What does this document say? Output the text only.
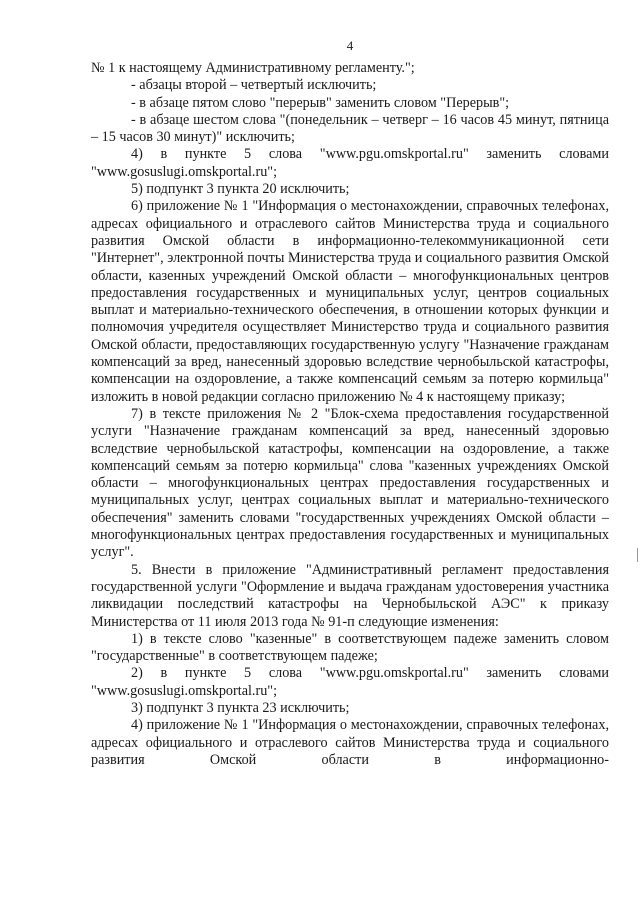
4

№ 1 к настоящему Административному регламенту.";

- абзацы второй – четвертый исключить;

- в абзаце пятом слово "перерыв" заменить словом "Перерыв";

- в абзаце шестом слова "(понедельник – четверг – 16 часов 45 минут, пятница – 15 часов 30 минут)" исключить;

4) в пункте 5 слова "www.pgu.omskportal.ru" заменить словами "www.gosuslugi.omskportal.ru";

5) подпункт 3 пункта 20 исключить;

6) приложение № 1 "Информация о местонахождении, справочных телефонах, адресах официального и отраслевого сайтов Министерства труда и социального развития Омской области в информационно-телекоммуникационной сети "Интернет", электронной почты Министерства труда и социального развития Омской области, казенных учреждений Омской области – многофункциональных центров предоставления государственных и муниципальных услуг, центров социальных выплат и материально-технического обеспечения, в отношении которых функции и полномочия учредителя осуществляет Министерство труда и социального развития Омской области, предоставляющих государственную услугу "Назначение гражданам компенсаций за вред, нанесенный здоровью вследствие чернобыльской катастрофы, компенсации на оздоровление, а также компенсаций семьям за потерю кормильца" изложить в новой редакции согласно приложению № 4 к настоящему приказу;

7) в тексте приложения № 2 "Блок-схема предоставления государственной услуги "Назначение гражданам компенсаций за вред, нанесенный здоровью вследствие чернобыльской катастрофы, компенсации на оздоровление, а также компенсаций семьям за потерю кормильца" слова "казенных учреждениях Омской области – многофункциональных центрах предоставления государственных и муниципальных услуг, центрах социальных выплат и материально-технического обеспечения" заменить словами "государственных учреждениях Омской области – многофункциональных центрах предоставления государственных и муниципальных услуг".

5. Внести в приложение "Административный регламент предоставления государственной услуги "Оформление и выдача гражданам удостоверения участника ликвидации последствий катастрофы на Чернобыльской АЭС" к приказу Министерства от 11 июля 2013 года № 91-п следующие изменения:

1) в тексте слово "казенные" в соответствующем падеже заменить словом "государственные" в соответствующем падеже;

2) в пункте 5 слова "www.pgu.omskportal.ru" заменить словами "www.gosuslugi.omskportal.ru";

3) подпункт 3 пункта 23 исключить;

4) приложение № 1 "Информация о местонахождении, справочных телефонах, адресах официального и отраслевого сайтов Министерства труда и социального развития Омской области в информационно-
